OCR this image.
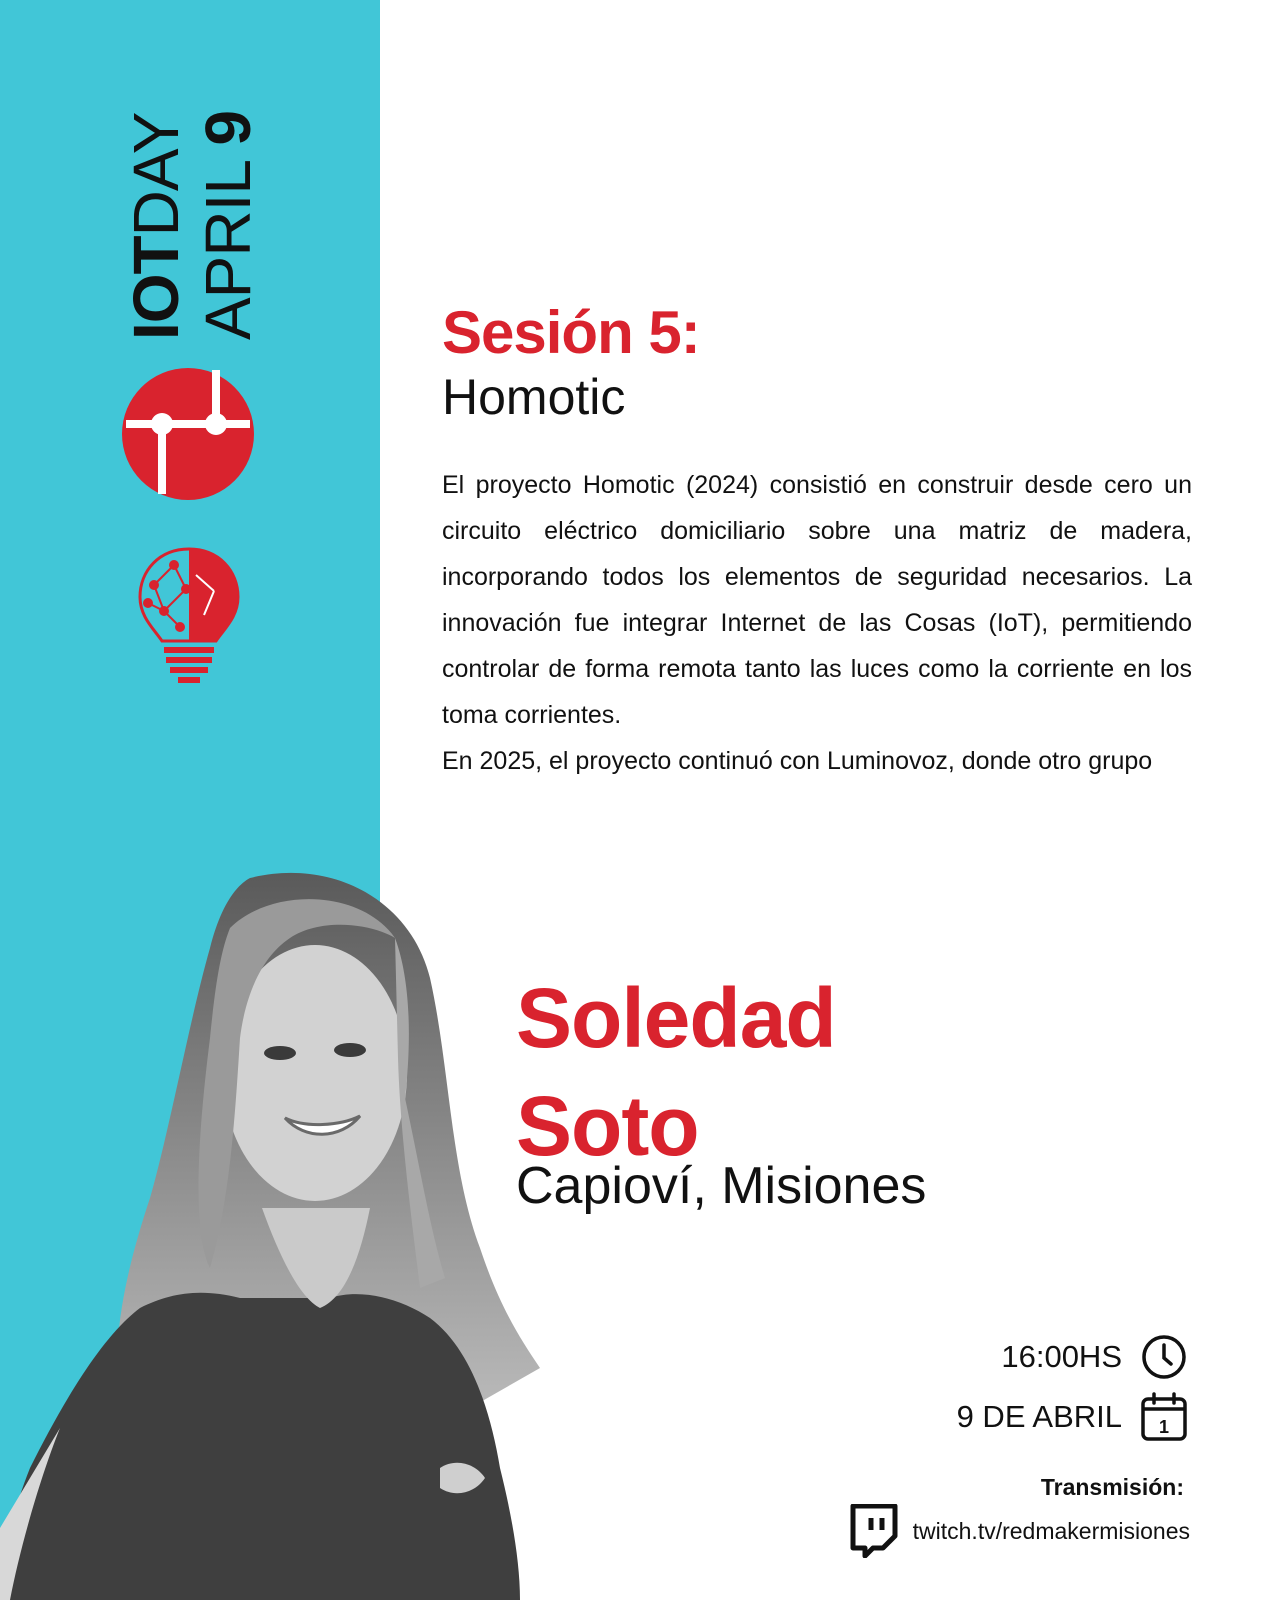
IOTDAY APRIL 9
Sesión 5:
Homotic

El proyecto Homotic (2024) consistió en construir desde cero un circuito eléctrico domiciliario sobre una matriz de madera, incorporando todos los elementos de seguridad necesarios. La innovación fue integrar Internet de las Cosas (IoT), permitiendo controlar de forma remota tanto las luces como la corriente en los toma corrientes.

En 2025, el proyecto continuó con Luminovoz, donde otro grupo

Soledad
Soto
Capioví, Misiones
16:00HS
9 DE ABRIL 1
Transmisión:
twitch.tv/redmakermisiones
